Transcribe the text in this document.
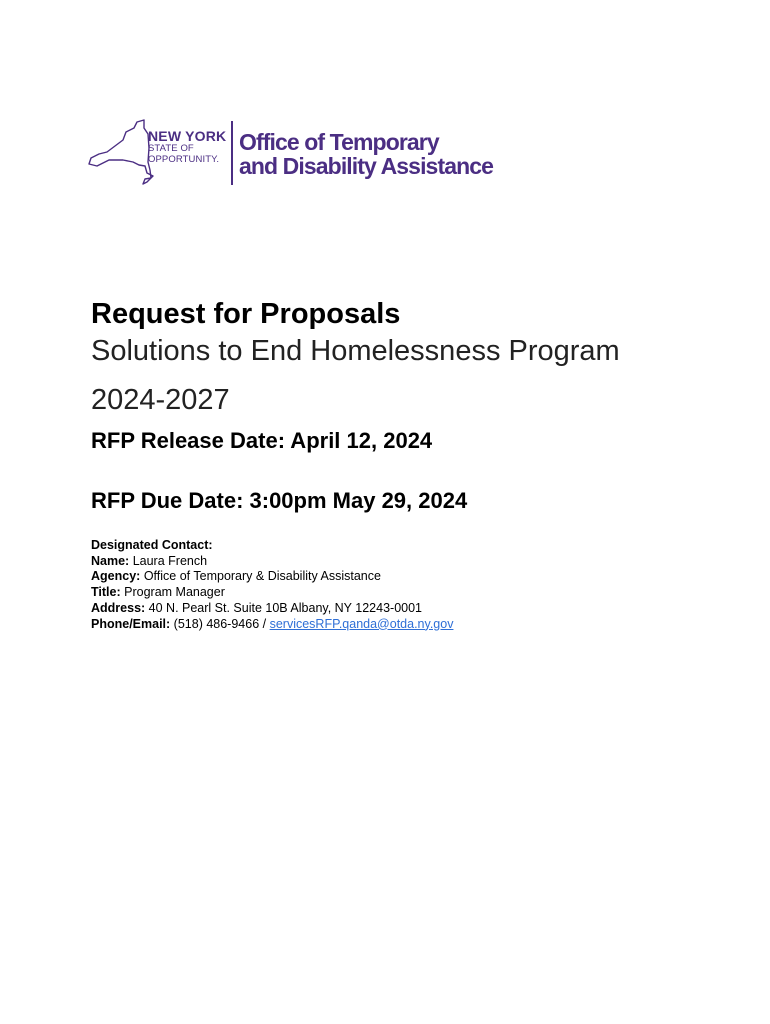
NEW YORK
STATE OF
OPPORTUNITY.
Office of Temporary
and Disability Assistance
Request for Proposals
Solutions to End Homelessness Program
2024-2027
RFP Release Date: April 12, 2024
RFP Due Date: 3:00pm May 29, 2024
Designated Contact:
Name: Laura French
Agency: Office of Temporary & Disability Assistance
Title: Program Manager
Address: 40 N. Pearl St. Suite 10B Albany, NY 12243-0001
Phone/Email: (518) 486-9466 / servicesRFP.qanda@otda.ny.gov
